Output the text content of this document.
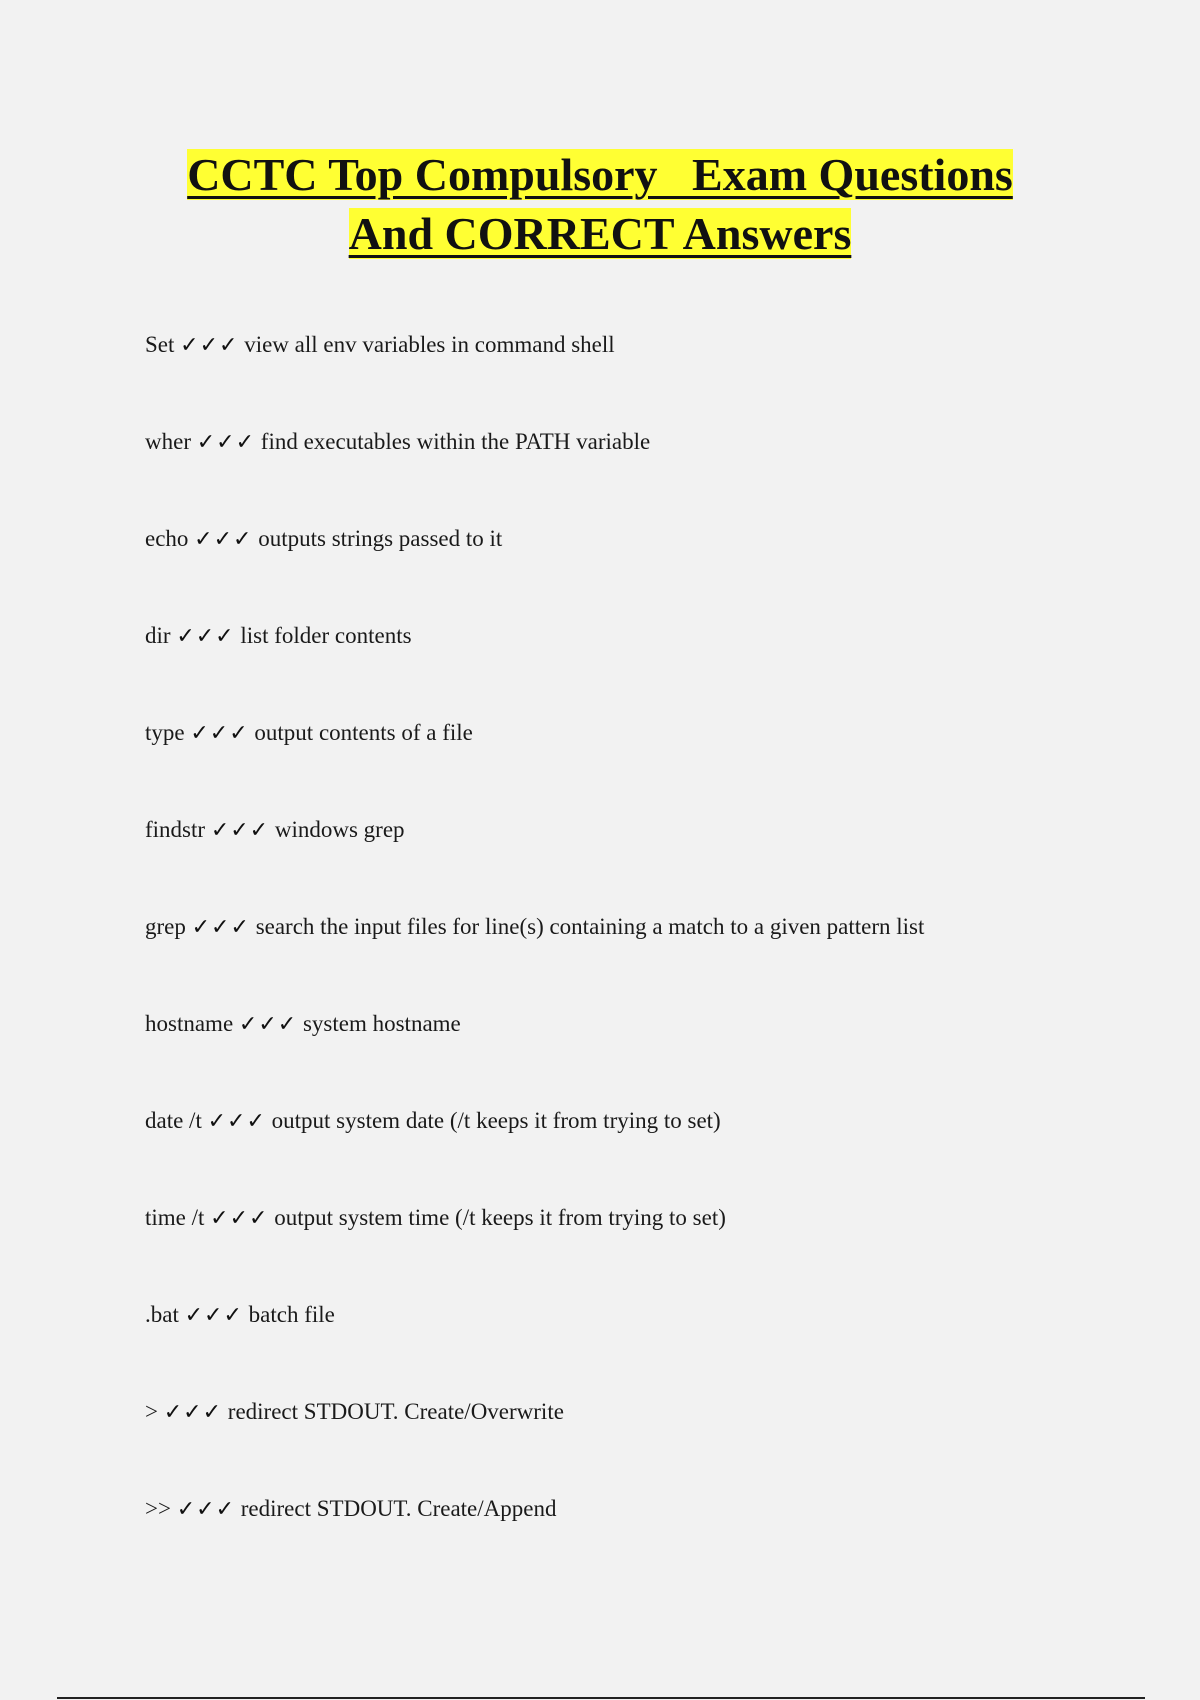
CCTC Top Compulsory   Exam Questions
And CORRECT Answers
Set ✓✓✓ view all env variables in command shell
wher ✓✓✓ find executables within the PATH variable
echo ✓✓✓ outputs strings passed to it
dir ✓✓✓ list folder contents
type ✓✓✓ output contents of a file
findstr ✓✓✓ windows grep
grep ✓✓✓ search the input files for line(s) containing a match to a given pattern list
hostname ✓✓✓ system hostname
date /t ✓✓✓ output system date (/t keeps it from trying to set)
time /t ✓✓✓ output system time (/t keeps it from trying to set)
.bat ✓✓✓ batch file
> ✓✓✓ redirect STDOUT. Create/Overwrite
>> ✓✓✓ redirect STDOUT. Create/Append
